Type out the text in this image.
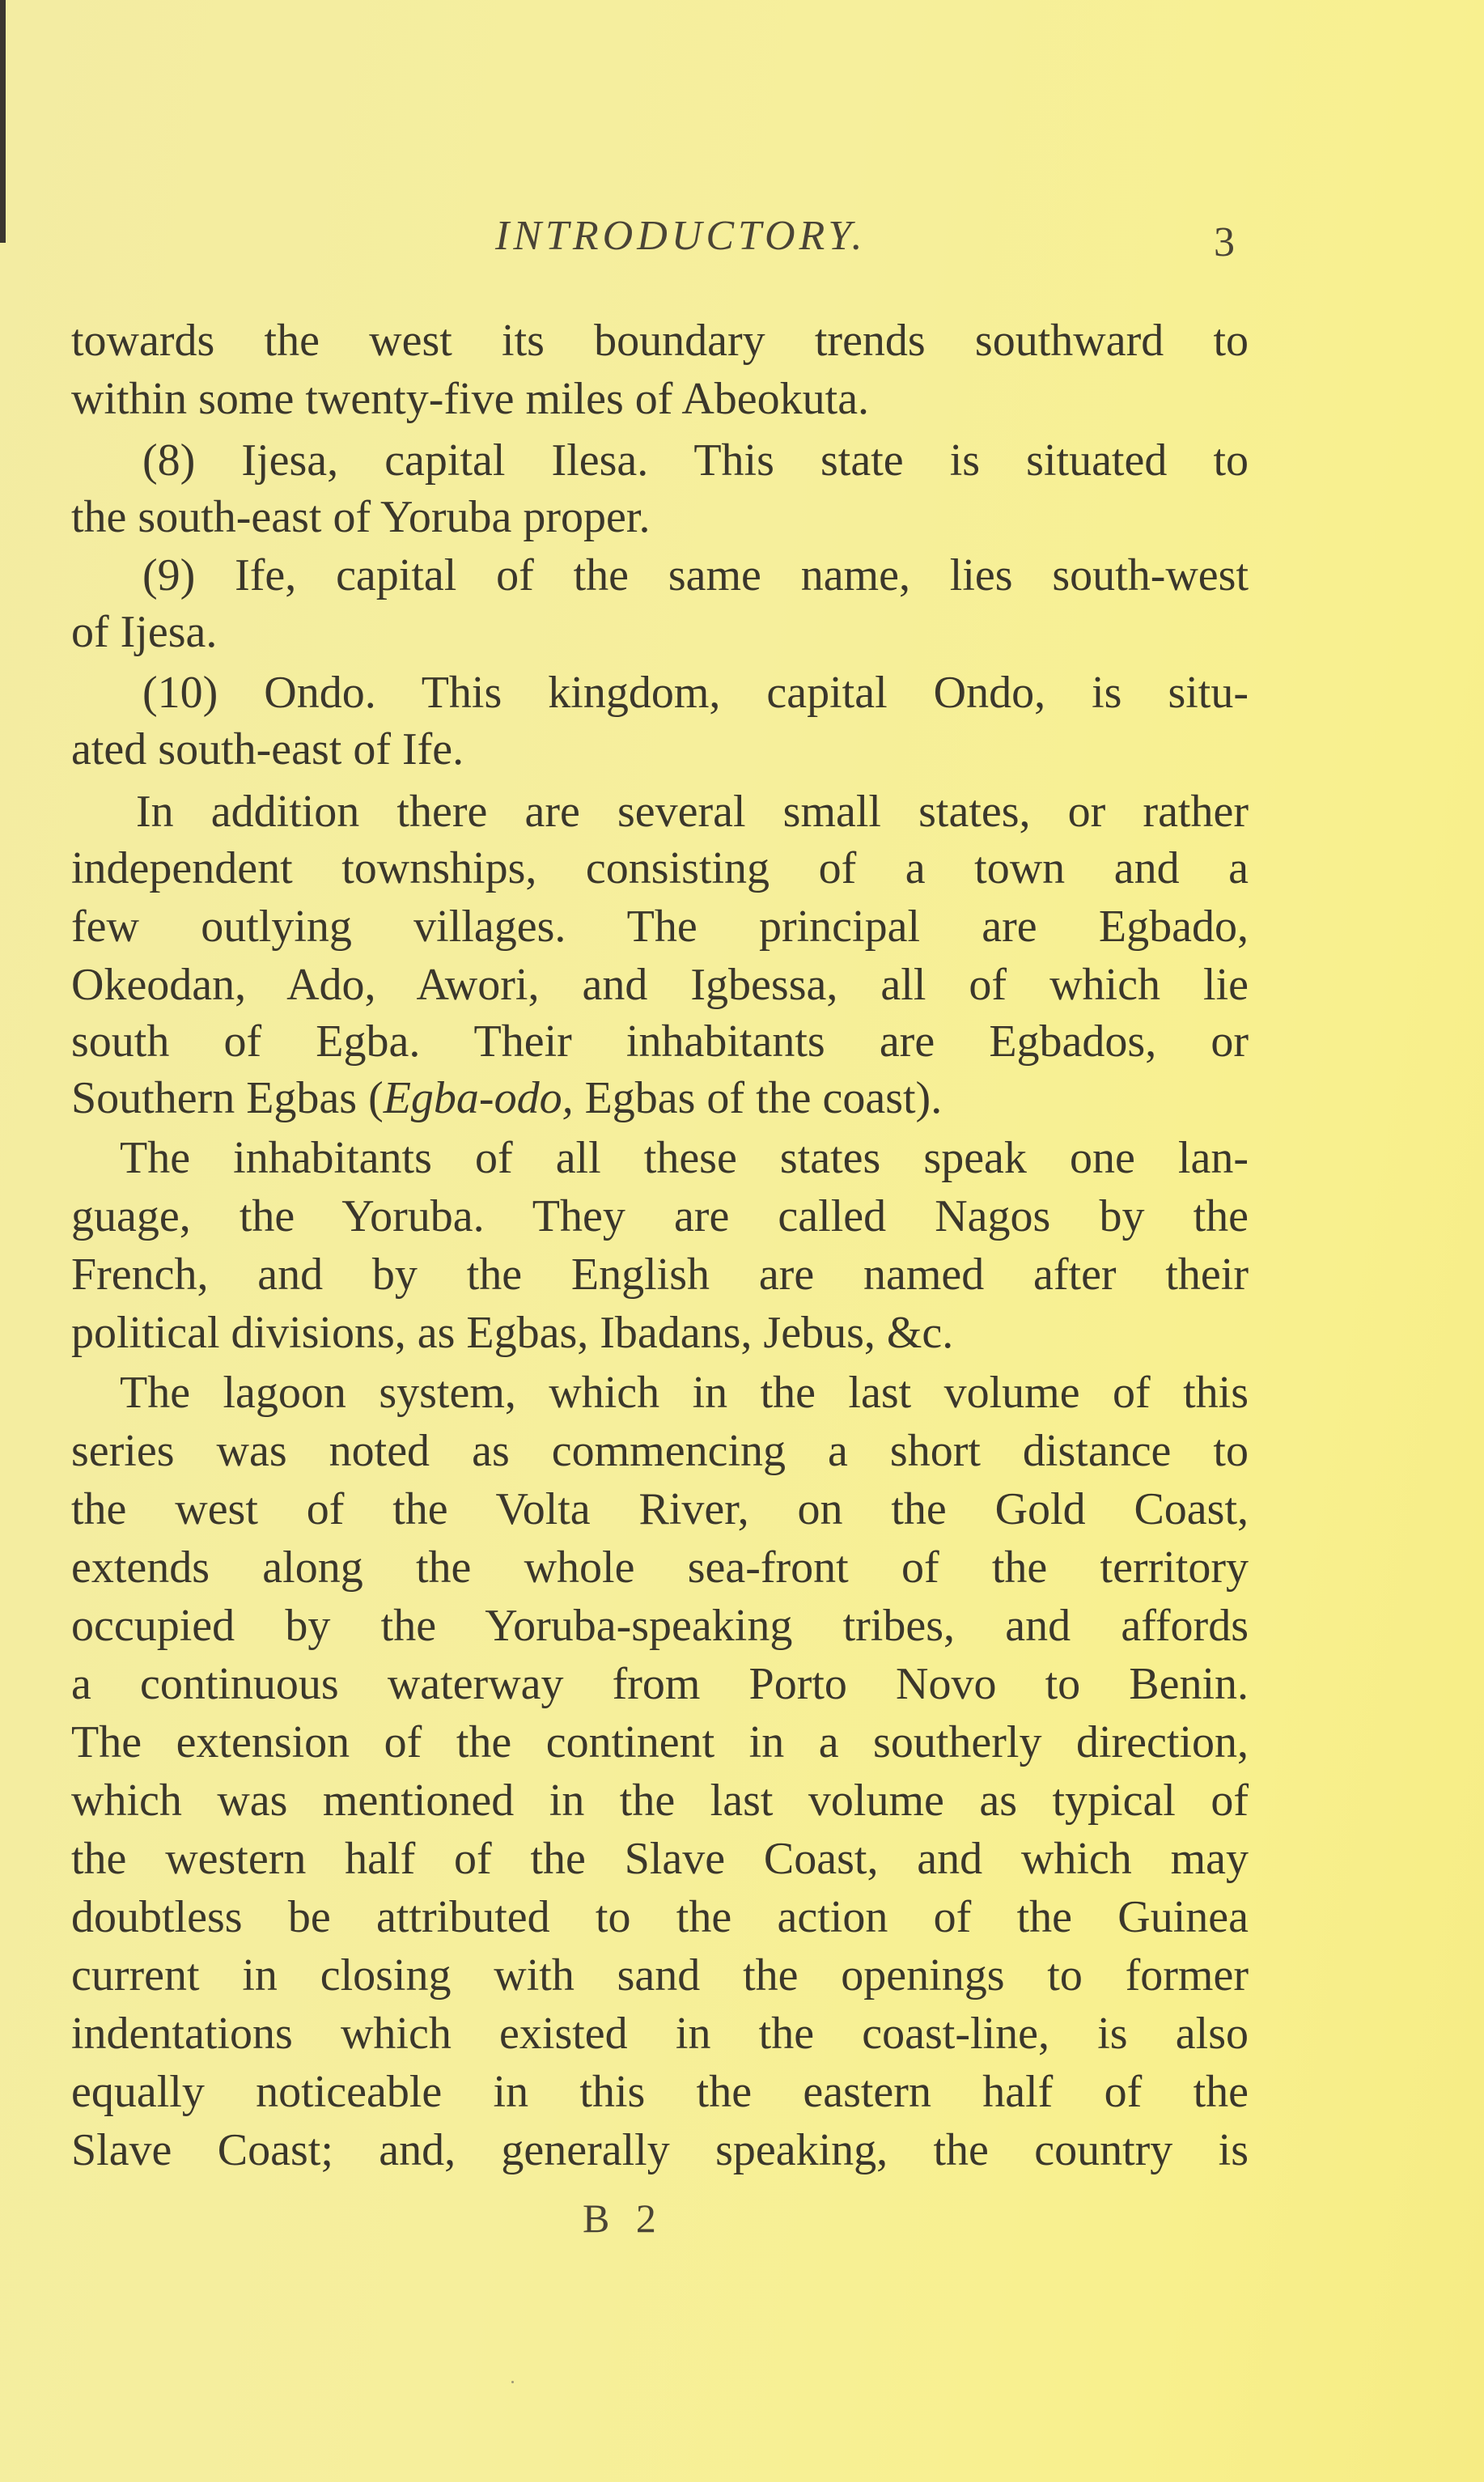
INTRODUCTORY.	3
towards the west its boundary trends southward to
within some twenty-five miles of Abeokuta.
(8) Ijesa, capital Ilesa. This state is situated to
the south-east of Yoruba proper.
(9) Ife, capital of the same name, lies south-west
of Ijesa.
(10) Ondo. This kingdom, capital Ondo, is situ-
ated south-east of Ife.
In addition there are several small states, or rather
independent townships, consisting of a town and a
few outlying villages. The principal are Egbado,
Okeodan, Ado, Awori, and Igbessa, all of which lie
south of Egba. Their inhabitants are Egbados, or
Southern Egbas (Egba-odo, Egbas of the coast).
The inhabitants of all these states speak one lan-
guage, the Yoruba. They are called Nagos by the
French, and by the English are named after their
political divisions, as Egbas, Ibadans, Jebus, &c.
The lagoon system, which in the last volume of this
series was noted as commencing a short distance to
the west of the Volta River, on the Gold Coast,
extends along the whole sea-front of the territory
occupied by the Yoruba-speaking tribes, and affords
a continuous waterway from Porto Novo to Benin.
The extension of the continent in a southerly direction,
which was mentioned in the last volume as typical of
the western half of the Slave Coast, and which may
doubtless be attributed to the action of the Guinea
current in closing with sand the openings to former
indentations which existed in the coast-line, is also
equally noticeable in this the eastern half of the
Slave Coast; and, generally speaking, the country is
B 2
